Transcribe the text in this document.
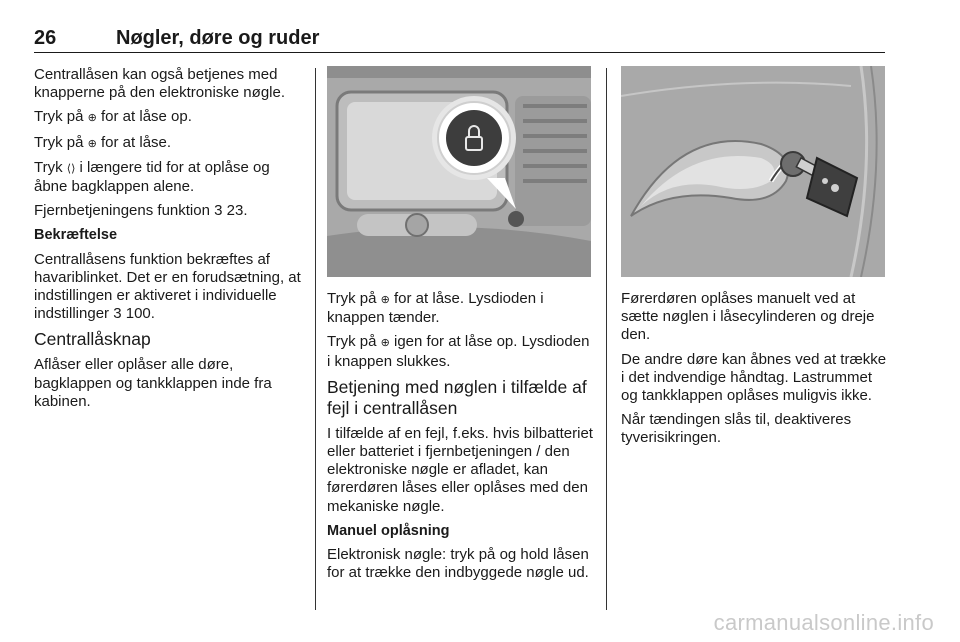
26	Nøgler, døre og ruder

Centrallåsen kan også betjenes med knapperne på den elektroniske nøgle.

Tryk på ⊕ for at låse op.

Tryk på ⊕ for at låse.

Tryk ⟨⟩ i længere tid for at oplåse og åbne bagklappen alene.

Fjernbetjeningens funktion 3 23.

Bekræftelse

Centrallåsens funktion bekræftes af havariblinket. Det er en forudsætning, at indstillingen er aktiveret i individuelle indstillinger 3 100.

Centrallåsknap

Aflåser eller oplåser alle døre, bagklappen og tankklappen inde fra kabinen.

Tryk på ⊕ for at låse. Lysdioden i knappen tænder.

Tryk på ⊕ igen for at låse op. Lysdioden i knappen slukkes.

Betjening med nøglen i tilfælde af fejl i centrallåsen

I tilfælde af en fejl, f.eks. hvis bilbatteriet eller batteriet i fjernbetjeningen / den elektroniske nøgle er afladet, kan førerdøren låses eller oplåses med den mekaniske nøgle.

Manuel oplåsning

Elektronisk nøgle: tryk på og hold låsen for at trække den indbyggede nøgle ud.

Førerdøren oplåses manuelt ved at sætte nøglen i låsecylinderen og dreje den.

De andre døre kan åbnes ved at trække i det indvendige håndtag. Lastrummet og tankklappen oplåses muligvis ikke.

Når tændingen slås til, deaktiveres tyverisikringen.

carmanualsonline.info
